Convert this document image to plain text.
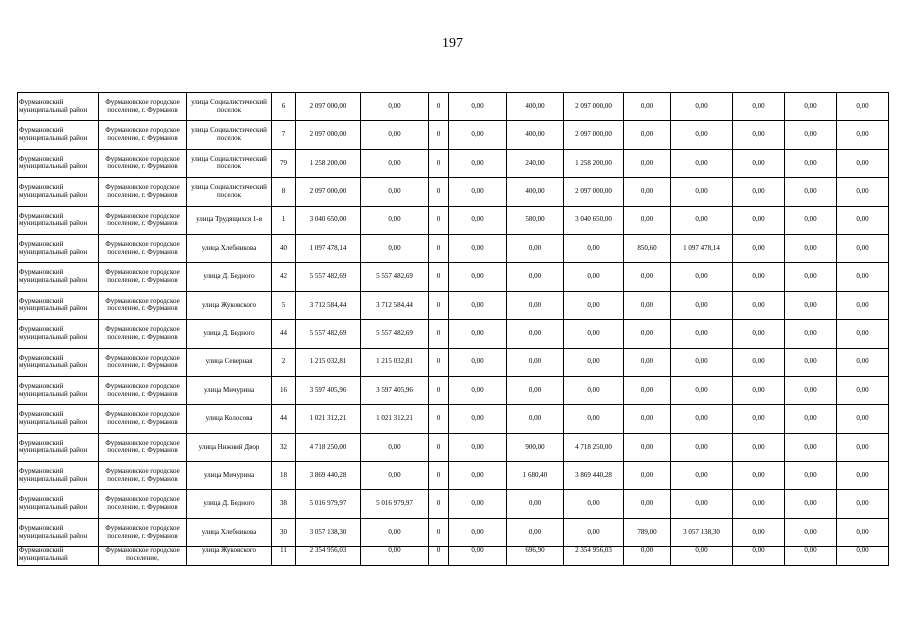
197
Фурмановский муниципальный район	Фурмановское городское поселение, г. Фурманов	улица Социалистический поселок	6	2 097 000,00	0,00	0	0,00	400,00	2 097 000,00	0,00	0,00	0,00	0,00	0,00
Фурмановский муниципальный район	Фурмановское городское поселение, г. Фурманов	улица Социалистический поселок	7	2 097 000,00	0,00	0	0,00	400,00	2 097 000,00	0,00	0,00	0,00	0,00	0,00
Фурмановский муниципальный район	Фурмановское городское поселение, г. Фурманов	улица Социалистический поселок	79	1 258 200,00	0,00	0	0,00	240,00	1 258 200,00	0,00	0,00	0,00	0,00	0,00
Фурмановский муниципальный район	Фурмановское городское поселение, г. Фурманов	улица Социалистический поселок	8	2 097 000,00	0,00	0	0,00	400,00	2 097 000,00	0,00	0,00	0,00	0,00	0,00
Фурмановский муниципальный район	Фурмановское городское поселение, г. Фурманов	улица Трудящихся 1-я	1	3 040 650,00	0,00	0	0,00	580,00	3 040 650,00	0,00	0,00	0,00	0,00	0,00
Фурмановский муниципальный район	Фурмановское городское поселение, г. Фурманов	улица Хлебникова	40	1 097 478,14	0,00	0	0,00	0,00	0,00	850,60	1 097 478,14	0,00	0,00	0,00
Фурмановский муниципальный район	Фурмановское городское поселение, г. Фурманов	улица Д. Бедного	42	5 557 482,69	5 557 482,69	0	0,00	0,00	0,00	0,00	0,00	0,00	0,00	0,00
Фурмановский муниципальный район	Фурмановское городское поселение, г. Фурманов	улица Жуковского	5	3 712 584,44	3 712 584,44	0	0,00	0,00	0,00	0,00	0,00	0,00	0,00	0,00
Фурмановский муниципальный район	Фурмановское городское поселение, г. Фурманов	улица Д. Бедного	44	5 557 482,69	5 557 482,69	0	0,00	0,00	0,00	0,00	0,00	0,00	0,00	0,00
Фурмановский муниципальный район	Фурмановское городское поселение, г. Фурманов	улица Северная	2	1 215 032,81	1 215 032,81	0	0,00	0,00	0,00	0,00	0,00	0,00	0,00	0,00
Фурмановский муниципальный район	Фурмановское городское поселение, г. Фурманов	улица Мичурина	16	3 597 405,96	3 597 405,96	0	0,00	0,00	0,00	0,00	0,00	0,00	0,00	0,00
Фурмановский муниципальный район	Фурмановское городское поселение, г. Фурманов	улица Колосова	44	1 021 312,21	1 021 312,21	0	0,00	0,00	0,00	0,00	0,00	0,00	0,00	0,00
Фурмановский муниципальный район	Фурмановское городское поселение, г. Фурманов	улица Нижний Двор	32	4 718 250,00	0,00	0	0,00	900,00	4 718 250,00	0,00	0,00	0,00	0,00	0,00
Фурмановский муниципальный район	Фурмановское городское поселение, г. Фурманов	улица Мичурина	18	3 869 440,28	0,00	0	0,00	1 680,40	3 869 440,28	0,00	0,00	0,00	0,00	0,00
Фурмановский муниципальный район	Фурмановское городское поселение, г. Фурманов	улица Д. Бедного	38	5 016 979,97	5 016 979,97	0	0,00	0,00	0,00	0,00	0,00	0,00	0,00	0,00
Фурмановский муниципальный район	Фурмановское городское поселение, г. Фурманов	улица Хлебникова	30	3 057 138,30	0,00	0	0,00	0,00	0,00	789,00	3 057 138,30	0,00	0,00	0,00
Фурмановский муниципальный	Фурмановское городское поселение,	улица Жуковского	11	2 354 956,03	0,00	0	0,00	696,90	2 354 956,03	0,00	0,00	0,00	0,00	0,00
